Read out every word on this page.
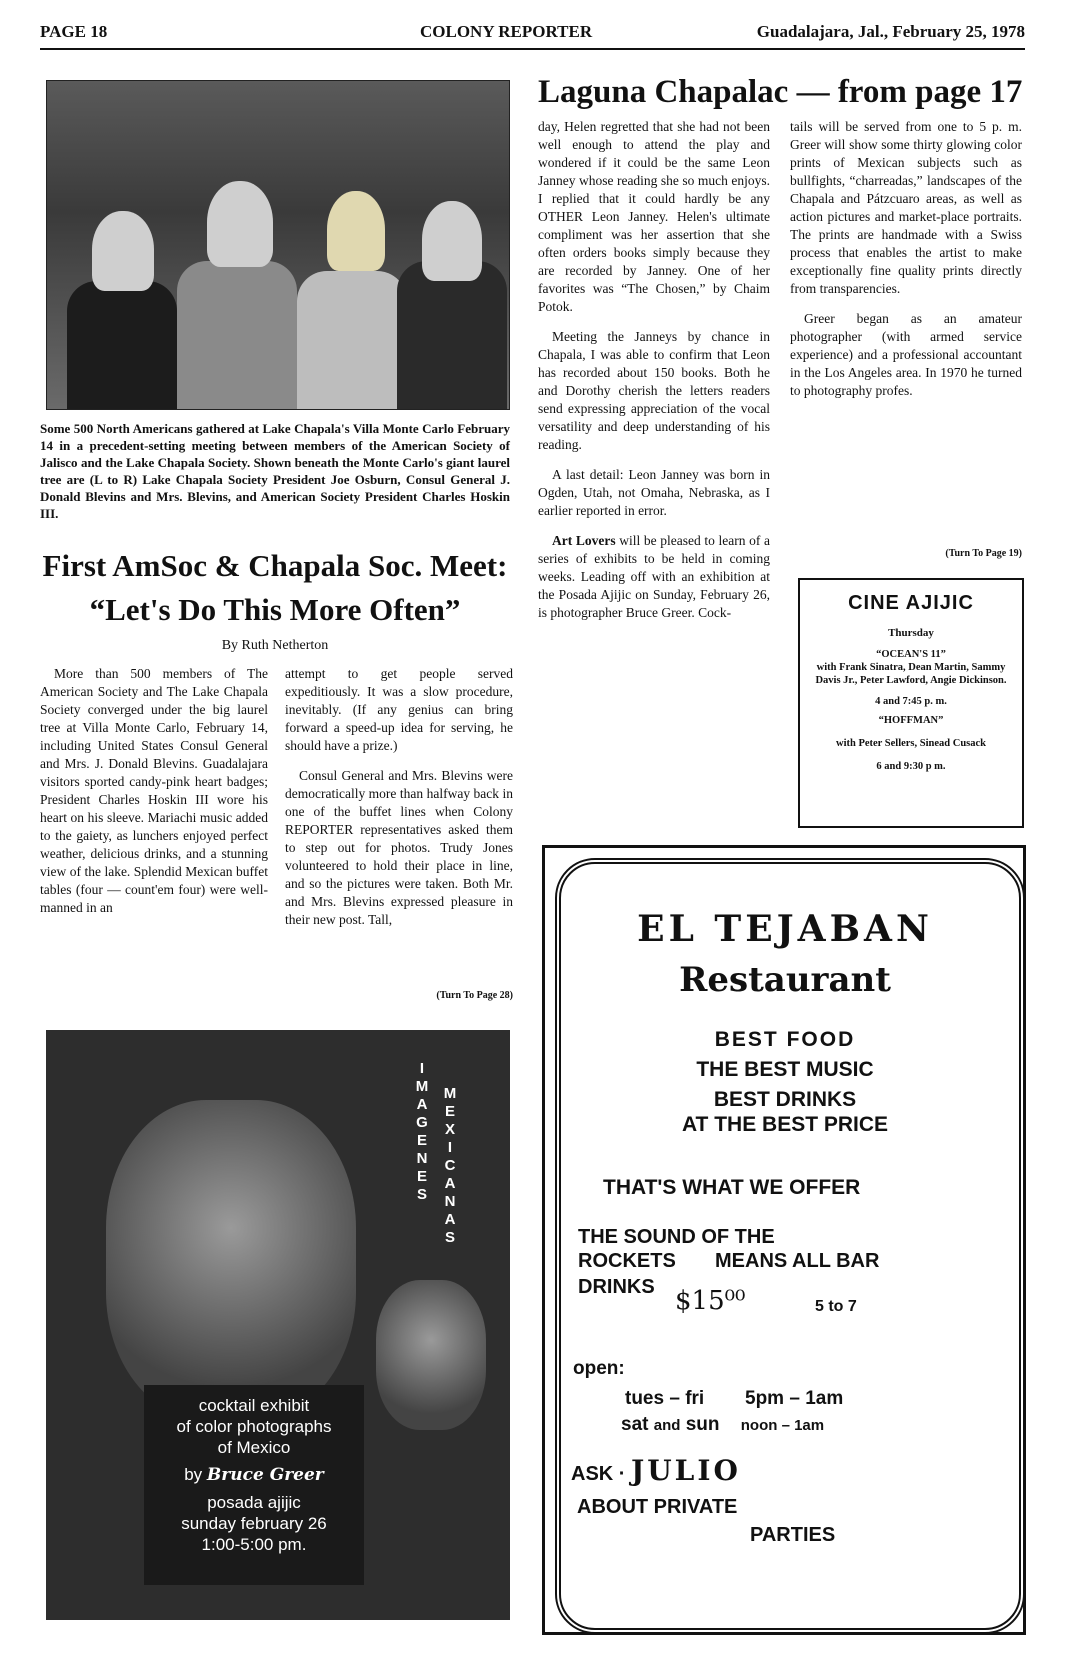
PAGE 18	COLONY REPORTER	Guadalajara, Jal., February 25, 1978
Some 500 North Americans gathered at Lake Chapala's Villa Monte Carlo February 14 in a precedent-setting meeting between members of the American Society of Jalisco and the Lake Chapala Society. Shown beneath the Monte Carlo's giant laurel tree are (L to R) Lake Chapala Society President Joe Osburn, Consul General J. Donald Blevins and Mrs. Blevins, and American Society President Charles Hoskin III.
First AmSoc & Chapala Soc. Meet:
“Let's Do This More Often”
By Ruth Netherton

More than 500 members of The American Society and The Lake Chapala Society converged under the big laurel tree at Villa Monte Carlo, February 14, including United States Consul General and Mrs. J. Donald Blevins. Guadalajara visitors sported candy-pink heart badges; President Charles Hoskin III wore his heart on his sleeve. Mariachi music added to the gaiety, as lunchers enjoyed perfect weather, delicious drinks, and a stunning view of the lake. Splendid Mexican buffet tables (four — count'em four) were well-manned in an

attempt to get people served expeditiously. It was a slow procedure, inevitably. (If any genius can bring forward a speed-up idea for serving, he should have a prize.)

Consul General and Mrs. Blevins were democratically more than halfway back in one of the buffet lines when Colony REPORTER representatives asked them to step out for photos. Trudy Jones volunteered to hold their place in line, and so the pictures were taken. Both Mr. and Mrs. Blevins expressed pleasure in their new post. Tall,

(Turn To Page 28)
Laguna Chapalac — from page 17

day, Helen regretted that she had not been well enough to attend the play and wondered if it could be the same Leon Janney whose reading she so much enjoys. I replied that it could hardly be any OTHER Leon Janney. Helen's ultimate compliment was her assertion that she often orders books simply because they are recorded by Janney. One of her favorites was “The Chosen,” by Chaim Potok.

Meeting the Janneys by chance in Chapala, I was able to confirm that Leon has recorded about 150 books. Both he and Dorothy cherish the letters readers send expressing appreciation of the vocal versatility and deep understanding of his reading.

A last detail: Leon Janney was born in Ogden, Utah, not Omaha, Nebraska, as I earlier reported in error.

Art Lovers will be pleased to learn of a series of exhibits to be held in coming weeks. Leading off with an exhibition at the Posada Ajijic on Sunday, February 26, is photographer Bruce Greer. Cock-

tails will be served from one to 5 p. m. Greer will show some thirty glowing color prints of Mexican subjects such as bullfights, “charreadas,” landscapes of the Chapala and Pátzcuaro areas, as well as action pictures and market-place portraits. The prints are handmade with a Swiss process that enables the artist to make exceptionally fine quality prints directly from transparencies.

Greer began as an amateur photographer (with armed service experience) and a professional accountant in the Los Angeles area. In 1970 he turned to photography profes.

(Turn To Page 19)
CINE AJIJIC
Thursday
“OCEAN'S 11”
with Frank Sinatra, Dean Martin, Sammy Davis Jr., Peter Lawford, Angie Dickinson.
4 and 7:45 p. m.
“HOFFMAN”
with Peter Sellers, Sinead Cusack
6 and 9:30 p m.
I
M
A
G
E
N
E
S
M
E
X
I
C
A
N
A
S
cocktail exhibit
of color photographs
of Mexico
by Bruce Greer
posada ajijic
sunday february 26
1:00-5:00 pm.
EL TEJABAN
Restaurant
BEST FOOD
THE BEST MUSIC
BEST DRINKS
AT THE BEST PRICE
THAT'S WHAT WE OFFER
THE SOUND OF THE
ROCKETS MEANS ALL BAR
DRINKS $15⁰⁰	5 to 7
open:
tues – fri 5pm – 1am
sat and sun noon – 1am
ASK · JULIO
ABOUT PRIVATE
PARTIES
